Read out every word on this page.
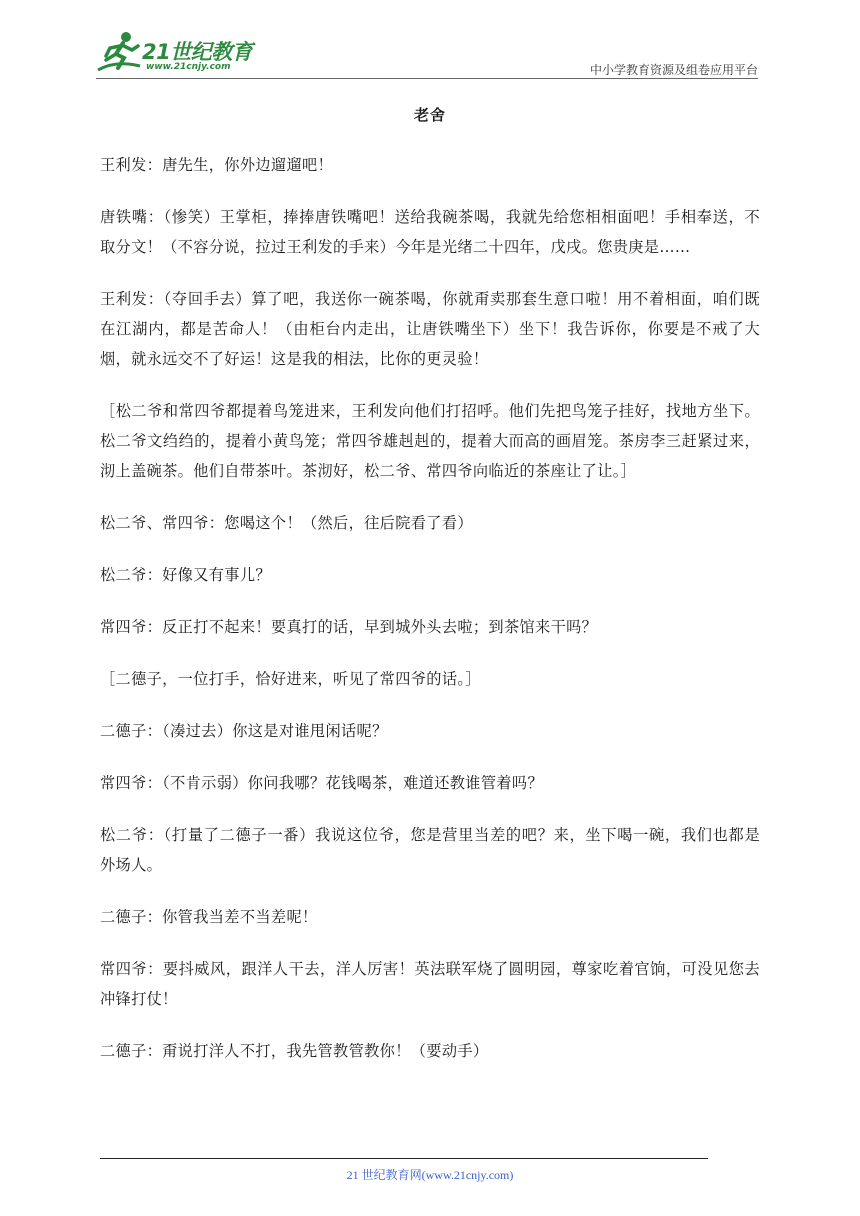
21世纪教育
www.21cnjy.com	中小学教育资源及组卷应用平台
老舍

王利发：唐先生，你外边遛遛吧！

唐铁嘴：（惨笑）王掌柜，捧捧唐铁嘴吧！送给我碗茶喝，我就先给您相相面吧！手相奉送，不取分文！（不容分说，拉过王利发的手来）今年是光绪二十四年，戊戌。您贵庚是……

王利发：（夺回手去）算了吧，我送你一碗茶喝，你就甭卖那套生意口啦！用不着相面，咱们既在江湖内，都是苦命人！（由柜台内走出，让唐铁嘴坐下）坐下！我告诉你，你要是不戒了大烟，就永远交不了好运！这是我的相法，比你的更灵验！

［松二爷和常四爷都提着鸟笼进来，王利发向他们打招呼。他们先把鸟笼子挂好，找地方坐下。松二爷文绉绉的，提着小黄鸟笼；常四爷雄赳赳的，提着大而高的画眉笼。茶房李三赶紧过来，沏上盖碗茶。他们自带茶叶。茶沏好，松二爷、常四爷向临近的茶座让了让。］

松二爷、常四爷：您喝这个！（然后，往后院看了看）

松二爷：好像又有事儿？

常四爷：反正打不起来！要真打的话，早到城外头去啦；到茶馆来干吗？

［二德子，一位打手，恰好进来，听见了常四爷的话。］

二德子：（凑过去）你这是对谁甩闲话呢？

常四爷：（不肯示弱）你问我哪？花钱喝茶，难道还教谁管着吗？

松二爷：（打量了二德子一番）我说这位爷，您是营里当差的吧？来，坐下喝一碗，我们也都是外场人。

二德子：你管我当差不当差呢！

常四爷：要抖威风，跟洋人干去，洋人厉害！英法联军烧了圆明园，尊家吃着官饷，可没见您去冲锋打仗！

二德子：甭说打洋人不打，我先管教管教你！（要动手）

21 世纪教育网(www.21cnjy.com)
